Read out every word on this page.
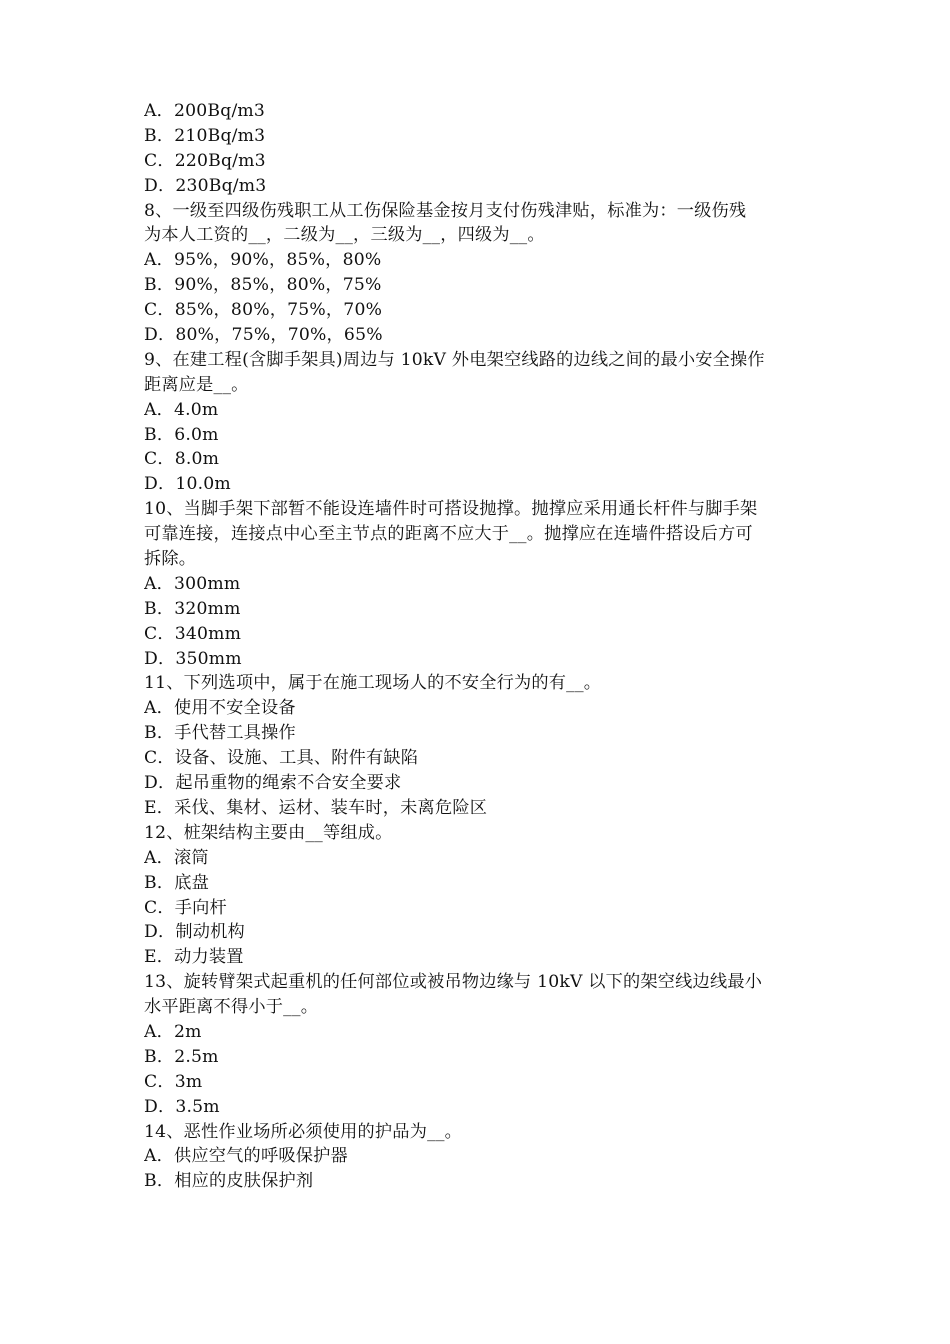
A．200Bq/m3
B．210Bq/m3
C．220Bq/m3
D．230Bq/m3
8、一级至四级伤残职工从工伤保险基金按月支付伤残津贴，标准为：一级伤残
为本人工资的__，二级为__，三级为__，四级为__。
A．95%，90%，85%，80%
B．90%，85%，80%，75%
C．85%，80%，75%，70%
D．80%，75%，70%，65%
9、在建工程(含脚手架具)周边与 10kV 外电架空线路的边线之间的最小安全操作
距离应是__。
A．4.0m
B．6.0m
C．8.0m
D．10.0m
10、当脚手架下部暂不能设连墙件时可搭设抛撑。抛撑应采用通长杆件与脚手架
可靠连接，连接点中心至主节点的距离不应大于__。抛撑应在连墙件搭设后方可
拆除。
A．300mm
B．320mm
C．340mm
D．350mm
11、下列选项中，属于在施工现场人的不安全行为的有__。
A．使用不安全设备
B．手代替工具操作
C．设备、设施、工具、附件有缺陷
D．起吊重物的绳索不合安全要求
E．采伐、集材、运材、装车时，未离危险区
12、桩架结构主要由__等组成。
A．滚筒
B．底盘
C．手向杆
D．制动机构
E．动力装置
13、旋转臂架式起重机的任何部位或被吊物边缘与 10kV 以下的架空线边线最小
水平距离不得小于__。
A．2m
B．2.5m
C．3m
D．3.5m
14、恶性作业场所必须使用的护品为__。
A．供应空气的呼吸保护器
B．相应的皮肤保护剂
